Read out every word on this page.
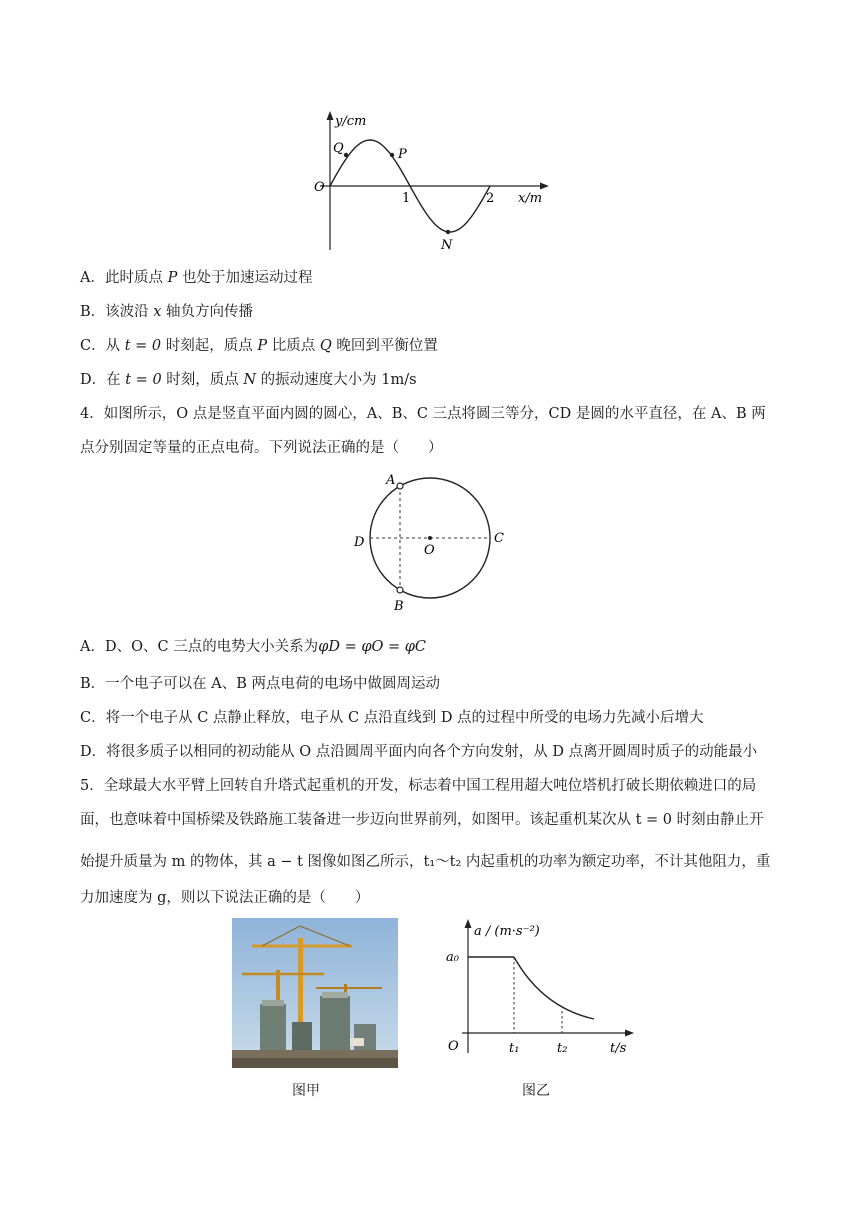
y/cm
x/m
O
1	2
Q	P
N
A．此时质点 P 也处于加速运动过程
B．该波沿 x 轴负方向传播
C．从 t = 0 时刻起，质点 P 比质点 Q 晚回到平衡位置
D．在 t = 0 时刻，质点 N 的振动速度大小为 1m/s
4．如图所示，O 点是竖直平面内圆的圆心，A、B、C 三点将圆三等分，CD 是圆的水平直径，在 A、B 两
点分别固定等量的正点电荷。下列说法正确的是（　　）
A
B
C
D
O
A．D、O、C 三点的电势大小关系为φD = φO = φC
B．一个电子可以在 A、B 两点电荷的电场中做圆周运动
C．将一个电子从 C 点静止释放，电子从 C 点沿直线到 D 点的过程中所受的电场力先减小后增大
D．将很多质子以相同的初动能从 O 点沿圆周平面内向各个方向发射，从 D 点离开圆周时质子的动能最小
5．全球最大水平臂上回转自升塔式起重机的开发，标志着中国工程用超大吨位塔机打破长期依赖进口的局
面，也意味着中国桥梁及铁路施工装备进一步迈向世界前列，如图甲。该起重机某次从 t = 0 时刻由静止开
始提升质量为 m 的物体，其 a − t 图像如图乙所示，t₁～t₂ 内起重机的功率为额定功率，不计其他阻力，重
力加速度为 g，则以下说法正确的是（　　）
a / (m·s⁻²)
a₀
O	t₁	t₂	t/s
图甲	图乙
